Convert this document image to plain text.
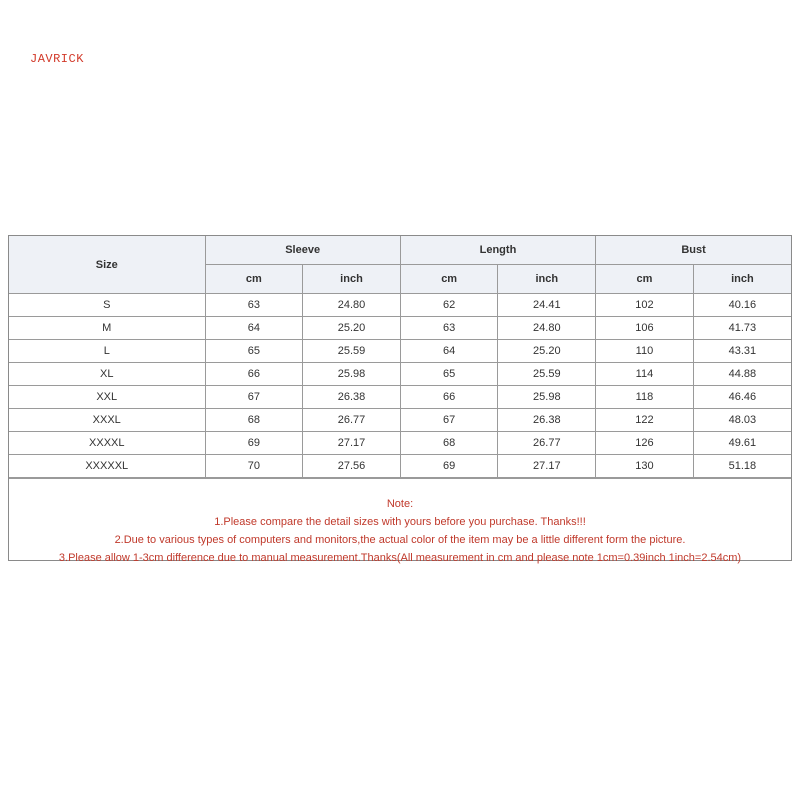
JAVRICK
Size	Sleeve		Length		Bust	
	cm	inch	cm	inch	cm	inch
S	63	24.80	62	24.41	102	40.16
M	64	25.20	63	24.80	106	41.73
L	65	25.59	64	25.20	110	43.31
XL	66	25.98	65	25.59	114	44.88
XXL	67	26.38	66	25.98	118	46.46
XXXL	68	26.77	67	26.38	122	48.03
XXXXL	69	27.17	68	26.77	126	49.61
XXXXXL	70	27.56	69	27.17	130	51.18
Note:
1.Please compare the detail sizes with yours before you purchase. Thanks!!!
2.Due to various types of computers and monitors,the actual color of the item may be a little different form the picture.
3.Please allow 1-3cm difference due to manual measurement.Thanks(All measurement in cm and please note 1cm=0.39inch 1inch=2.54cm)
